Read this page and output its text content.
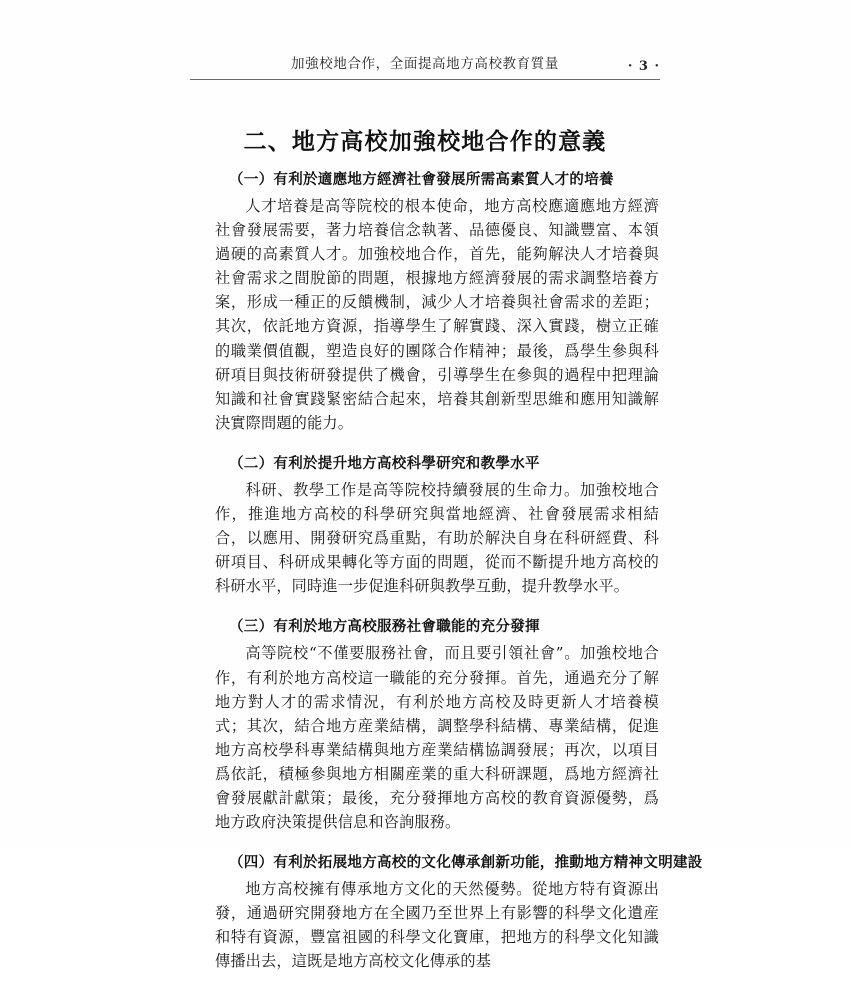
加強校地合作，全面提高地方高校教育質量	· 3 ·
二、地方高校加強校地合作的意義
（一）有利於適應地方經濟社會發展所需高素質人才的培養

人才培養是高等院校的根本使命，地方高校應適應地方經濟社會發展需要，著力培養信念執著、品德優良、知識豐富、本領過硬的高素質人才。加強校地合作，首先，能夠解決人才培養與社會需求之間脫節的問題，根據地方經濟發展的需求調整培養方案，形成一種正的反饋機制，減少人才培養與社會需求的差距；其次，依託地方資源，指導學生了解實踐、深入實踐，樹立正確的職業價值觀，塑造良好的團隊合作精神；最後，爲學生參與科研項目與技術研發提供了機會，引導學生在參與的過程中把理論知識和社會實踐緊密結合起來，培養其創新型思維和應用知識解決實際問題的能力。

（二）有利於提升地方高校科學研究和教學水平

科研、教學工作是高等院校持續發展的生命力。加強校地合作，推進地方高校的科學研究與當地經濟、社會發展需求相結合，以應用、開發研究爲重點，有助於解決自身在科研經費、科研項目、科研成果轉化等方面的問題，從而不斷提升地方高校的科研水平，同時進一步促進科研與教學互動，提升教學水平。

（三）有利於地方高校服務社會職能的充分發揮

高等院校“不僅要服務社會，而且要引領社會”。加強校地合作，有利於地方高校這一職能的充分發揮。首先，通過充分了解地方對人才的需求情況，有利於地方高校及時更新人才培養模式；其次，結合地方産業結構，調整學科結構、專業結構，促進地方高校學科專業結構與地方産業結構協調發展；再次，以項目爲依託，積極參與地方相關産業的重大科研課題，爲地方經濟社會發展獻計獻策；最後，充分發揮地方高校的教育資源優勢，爲地方政府決策提供信息和咨詢服務。

（四）有利於拓展地方高校的文化傳承創新功能，推動地方精神文明建設

地方高校擁有傳承地方文化的天然優勢。從地方特有資源出發，通過研究開發地方在全國乃至世界上有影響的科學文化遺産和特有資源，豐富祖國的科學文化寶庫，把地方的科學文化知識傳播出去，這既是地方高校文化傳承的基
